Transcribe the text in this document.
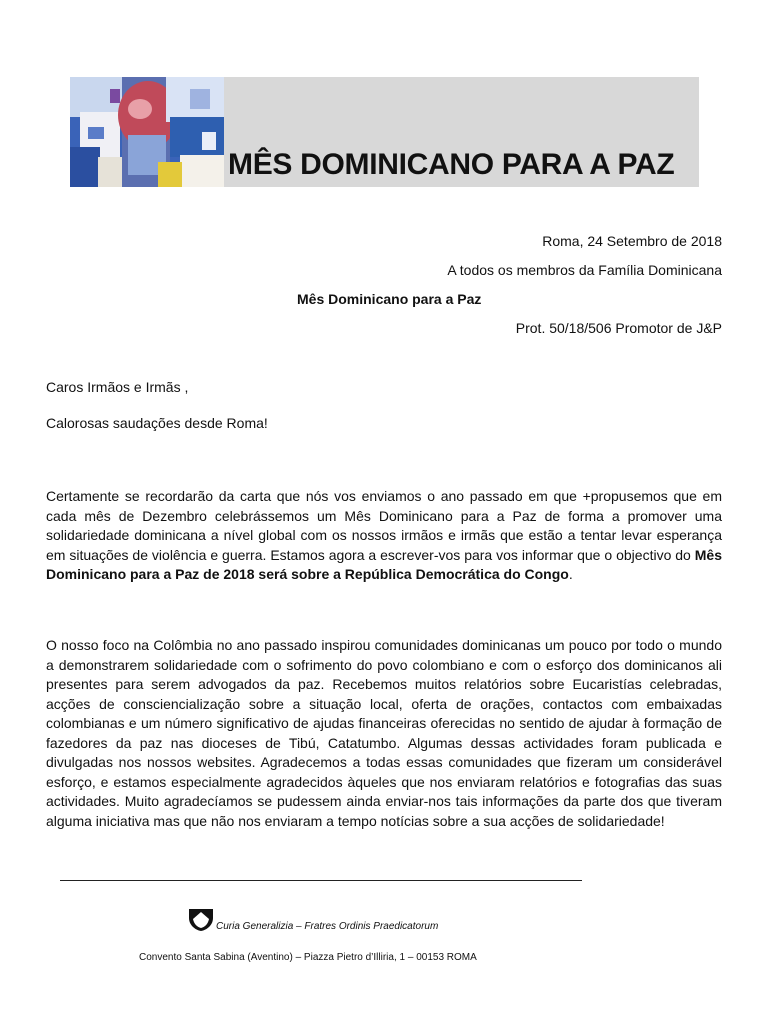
MÊS DOMINICANO PARA A PAZ
Roma, 24 Setembro de 2018
A todos os membros da Família Dominicana
Mês Dominicano para a Paz
Prot. 50/18/506 Promotor de J&P
Caros Irmãos e Irmãs ,
Calorosas saudações desde Roma!
Certamente se recordarão da carta que nós vos enviamos o ano passado em que +propusemos que em cada mês de Dezembro celebrássemos um Mês Dominicano para a Paz de forma a promover uma solidariedade dominicana a nível global com os nossos irmãos e irmãs que estão a tentar levar esperança em situações de violência e guerra. Estamos agora a escrever-vos para vos informar que o objectivo do Mês Dominicano para a Paz de 2018 será sobre a República Democrática do Congo.
O nosso foco na Colômbia no ano passado inspirou comunidades dominicanas um pouco por todo o mundo a demonstrarem solidariedade com o sofrimento do povo colombiano e com o esforço dos dominicanos ali presentes para serem advogados da paz. Recebemos muitos relatórios sobre Eucaristías celebradas, acções de consciencialização sobre a situação local, oferta de orações, contactos com embaixadas colombianas e um número significativo de ajudas financeiras oferecidas no sentido de ajudar à formação de fazedores da paz nas dioceses de Tibú, Catatumbo. Algumas dessas actividades foram publicada e divulgadas nos nossos websites. Agradecemos a todas essas comunidades que fizeram um considerável esforço, e estamos especialmente agradecidos àqueles que nos enviaram relatórios e fotografias das suas actividades. Muito agradecíamos se pudessem ainda enviar-nos tais informações da parte dos que tiveram alguma iniciativa mas que não nos enviaram a tempo notícias sobre a sua acções de solidariedade!
Curia Generalizia – Fratres Ordinis Praedicatorum
Convento Santa Sabina (Aventino) – Piazza Pietro d’Illiria, 1 – 00153 ROMA
